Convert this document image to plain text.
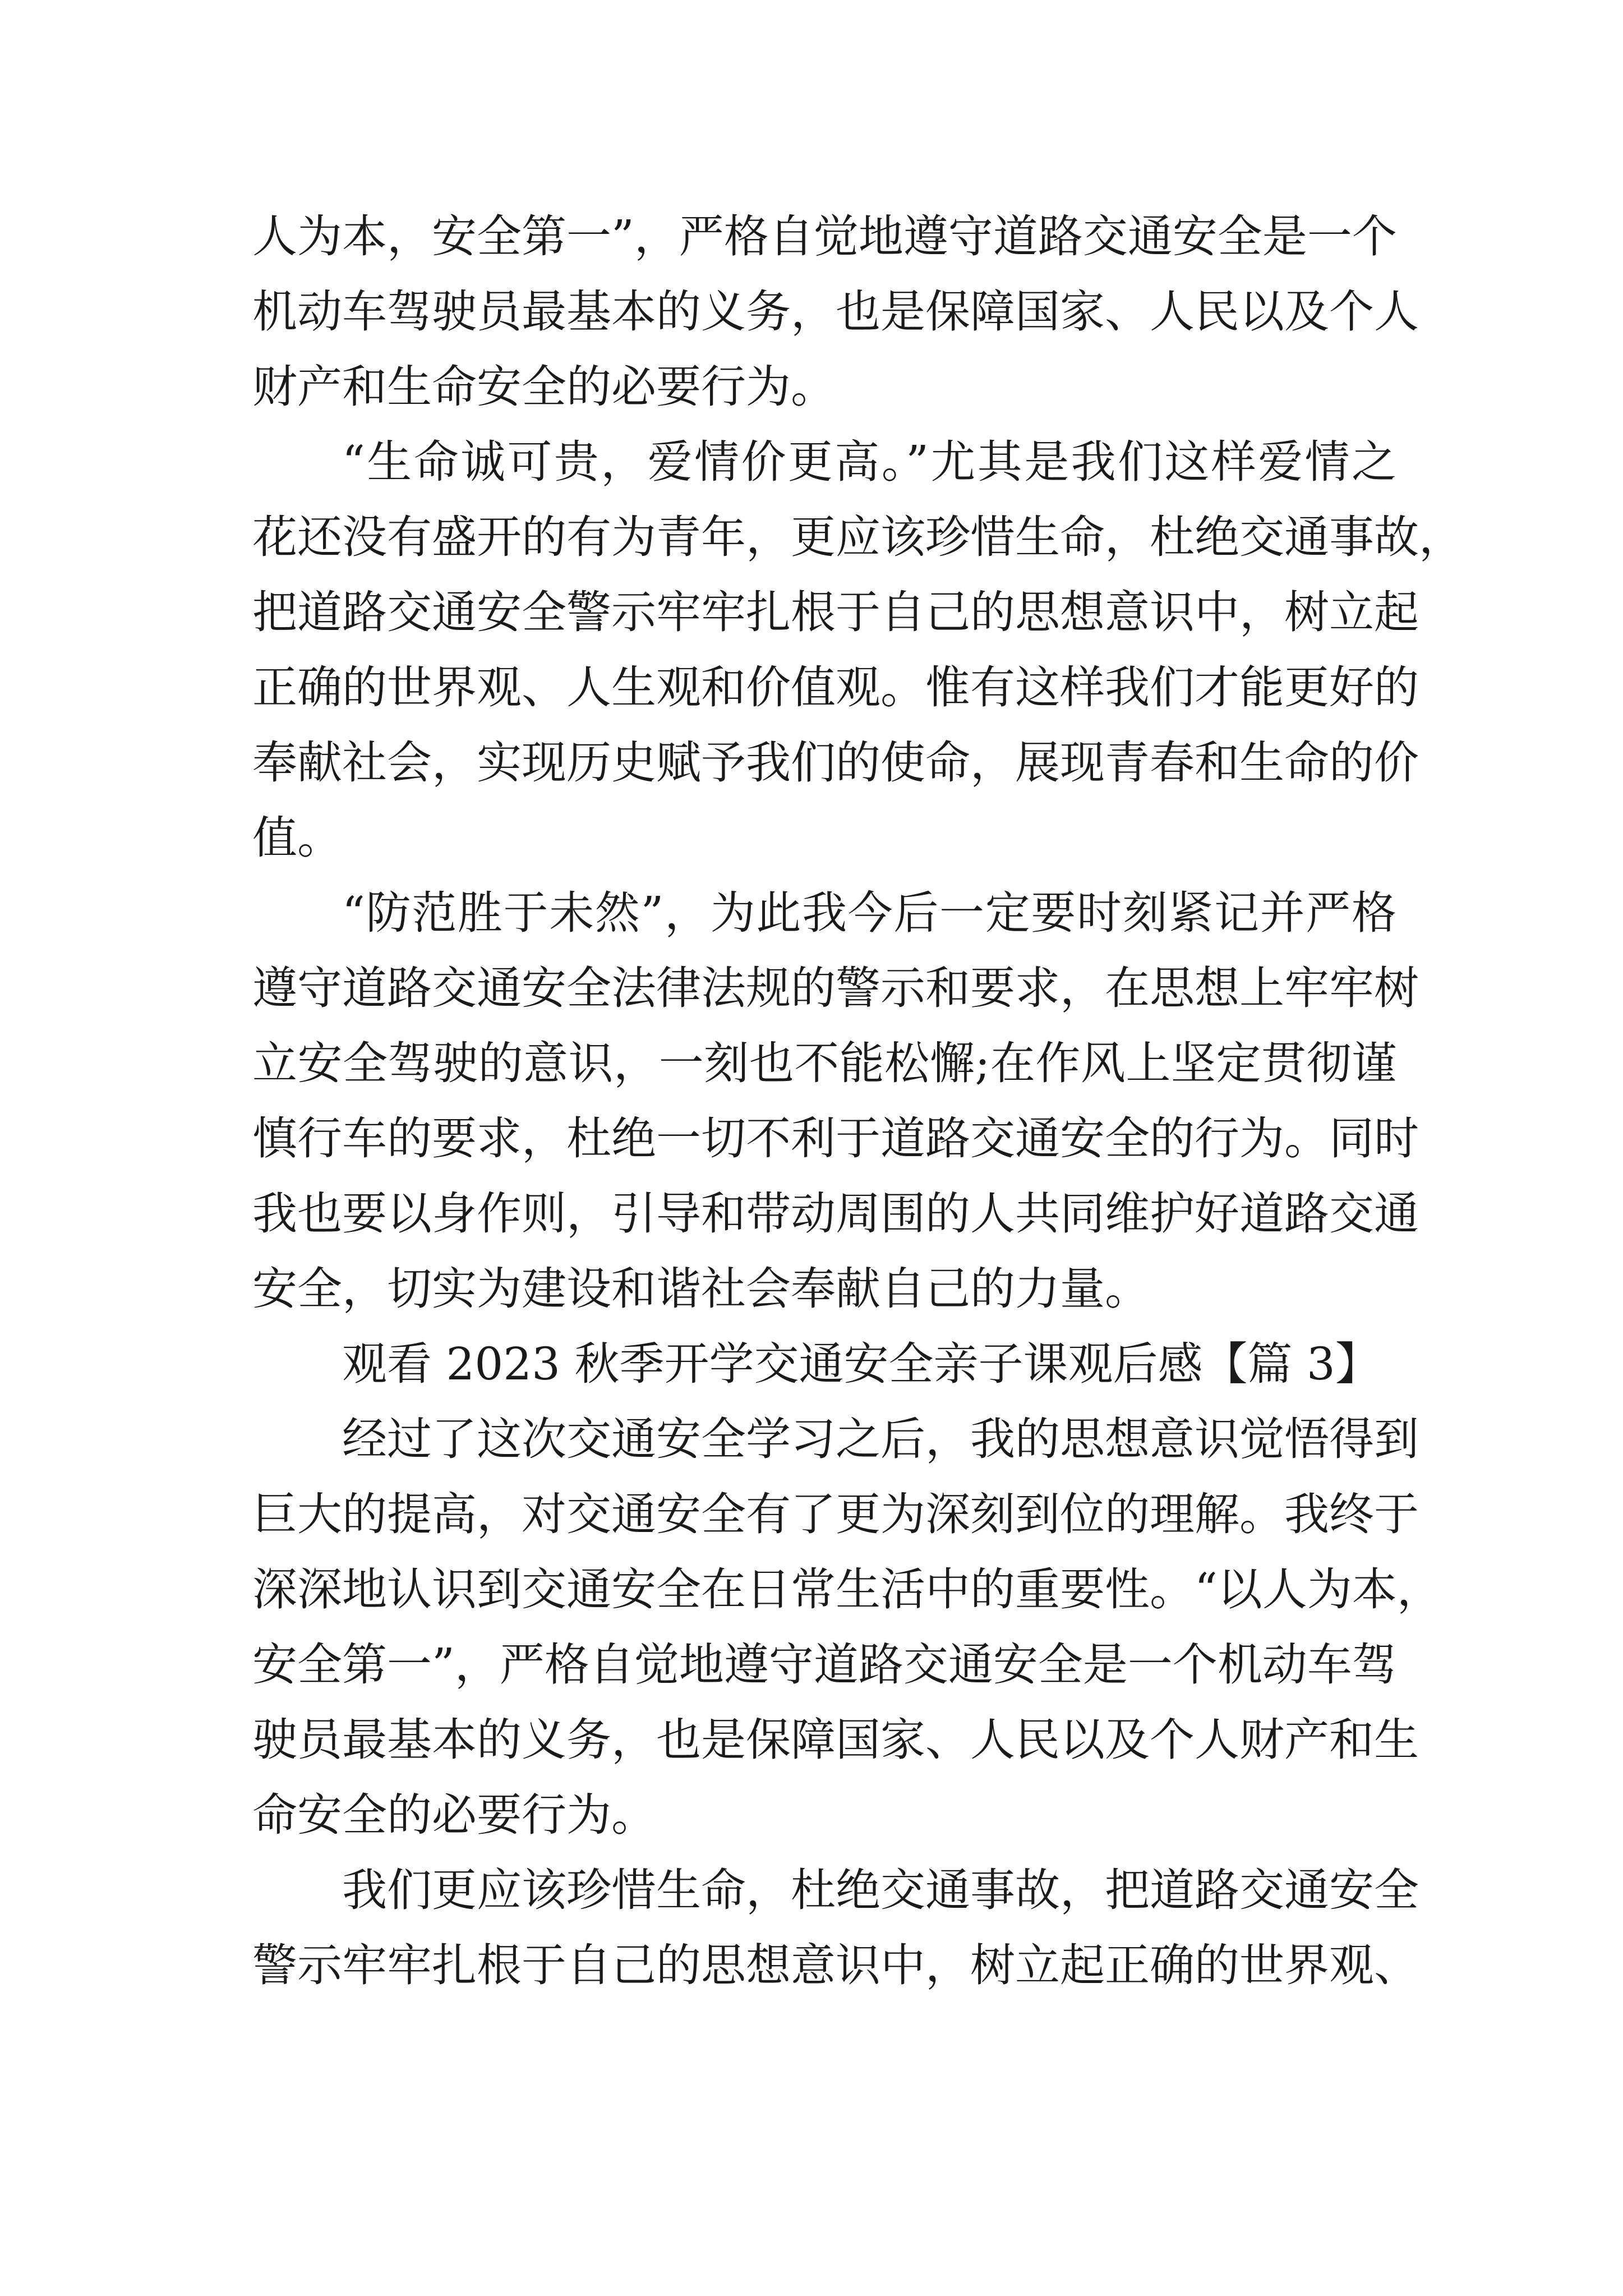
人为本，安全第一”，严格自觉地遵守道路交通安全是一个
机动车驾驶员最基本的义务，也是保障国家、人民以及个人
财产和生命安全的必要行为。
“生命诚可贵，爱情价更高。”尤其是我们这样爱情之
花还没有盛开的有为青年，更应该珍惜生命，杜绝交通事故，
把道路交通安全警示牢牢扎根于自己的思想意识中，树立起
正确的世界观、人生观和价值观。惟有这样我们才能更好的
奉献社会，实现历史赋予我们的使命，展现青春和生命的价
值。
“防范胜于未然”，为此我今后一定要时刻紧记并严格
遵守道路交通安全法律法规的警示和要求，在思想上牢牢树
立安全驾驶的意识，一刻也不能松懈;在作风上坚定贯彻谨
慎行车的要求，杜绝一切不利于道路交通安全的行为。同时
我也要以身作则，引导和带动周围的人共同维护好道路交通
安全，切实为建设和谐社会奉献自己的力量。
观看 2023 秋季开学交通安全亲子课观后感【篇 3】
经过了这次交通安全学习之后，我的思想意识觉悟得到
巨大的提高，对交通安全有了更为深刻到位的理解。我终于
深深地认识到交通安全在日常生活中的重要性。“以人为本，
安全第一”，严格自觉地遵守道路交通安全是一个机动车驾
驶员最基本的义务，也是保障国家、人民以及个人财产和生
命安全的必要行为。
我们更应该珍惜生命，杜绝交通事故，把道路交通安全
警示牢牢扎根于自己的思想意识中，树立起正确的世界观、
